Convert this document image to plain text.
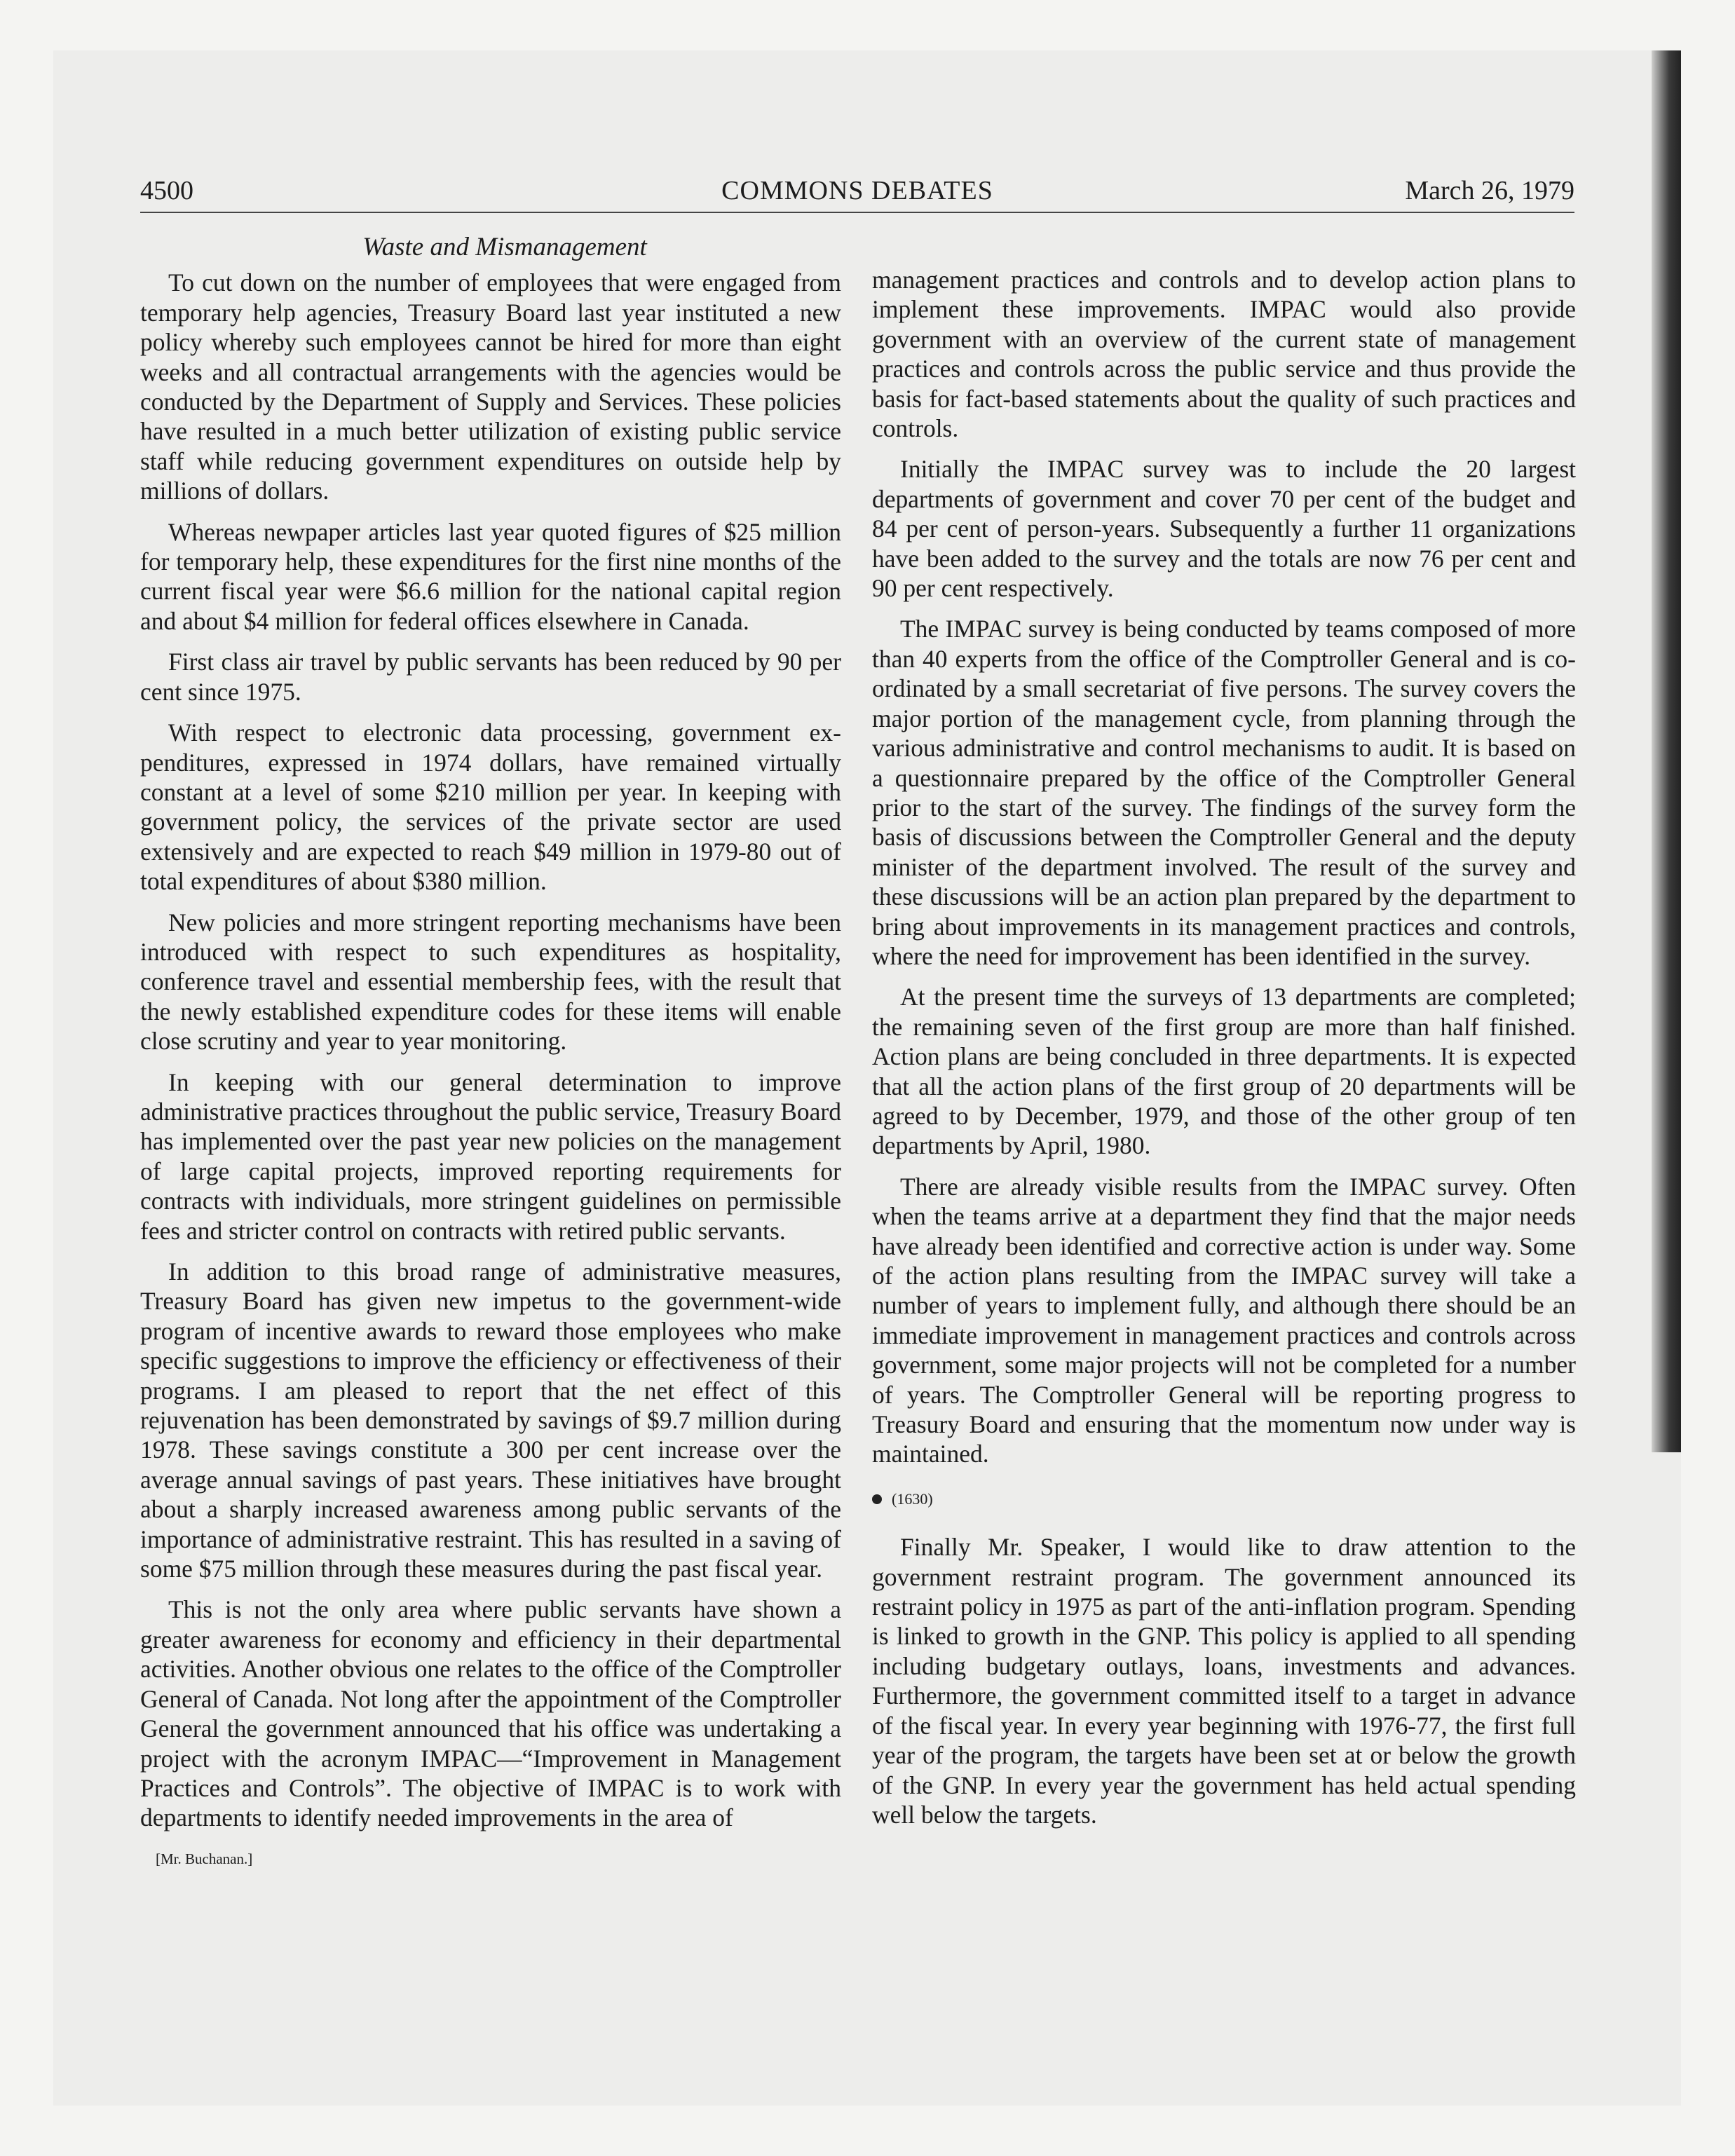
4500	COMMONS DEBATES	March 26, 1979
Waste and Mismanagement

To cut down on the number of employees that were engaged from temporary help agencies, Treasury Board last year instituted a new policy whereby such employees cannot be hired for more than eight weeks and all contractual arrangements with the agencies would be conducted by the Department of Supply and Services. These policies have resulted in a much better utilization of existing public service staff while reducing government expenditures on outside help by millions of dollars.

Whereas newpaper articles last year quoted figures of $25 million for temporary help, these expenditures for the first nine months of the current fiscal year were $6.6 million for the national capital region and about $4 million for federal offices elsewhere in Canada.

First class air travel by public servants has been reduced by 90 per cent since 1975.

With respect to electronic data processing, government expenditures, expressed in 1974 dollars, have remained virtually constant at a level of some $210 million per year. In keeping with government policy, the services of the private sector are used extensively and are expected to reach $49 million in 1979-80 out of total expenditures of about $380 million.

New policies and more stringent reporting mechanisms have been introduced with respect to such expenditures as hospitality, conference travel and essential membership fees, with the result that the newly established expenditure codes for these items will enable close scrutiny and year to year monitoring.

In keeping with our general determination to improve administrative practices throughout the public service, Treasury Board has implemented over the past year new policies on the management of large capital projects, improved reporting requirements for contracts with individuals, more stringent guidelines on permissible fees and stricter control on contracts with retired public servants.

In addition to this broad range of administrative measures, Treasury Board has given new impetus to the government-wide program of incentive awards to reward those employees who make specific suggestions to improve the efficiency or effectiveness of their programs. I am pleased to report that the net effect of this rejuvenation has been demonstrated by savings of $9.7 million during 1978. These savings constitute a 300 per cent increase over the average annual savings of past years. These initiatives have brought about a sharply increased awareness among public servants of the importance of administrative restraint. This has resulted in a saving of some $75 million through these measures during the past fiscal year.

This is not the only area where public servants have shown a greater awareness for economy and efficiency in their departmental activities. Another obvious one relates to the office of the Comptroller General of Canada. Not long after the appointment of the Comptroller General the government announced that his office was undertaking a project with the acronym IMPAC—“Improvement in Management Practices and Controls”. The objective of IMPAC is to work with departments to identify needed improvements in the area of

[Mr. Buchanan.]

management practices and controls and to develop action plans to implement these improvements. IMPAC would also provide government with an overview of the current state of management practices and controls across the public service and thus provide the basis for fact-based statements about the quality of such practices and controls.

Initially the IMPAC survey was to include the 20 largest departments of government and cover 70 per cent of the budget and 84 per cent of person-years. Subsequently a further 11 organizations have been added to the survey and the totals are now 76 per cent and 90 per cent respectively.

The IMPAC survey is being conducted by teams composed of more than 40 experts from the office of the Comptroller General and is co-ordinated by a small secretariat of five persons. The survey covers the major portion of the management cycle, from planning through the various administrative and control mechanisms to audit. It is based on a questionnaire prepared by the office of the Comptroller General prior to the start of the survey. The findings of the survey form the basis of discussions between the Comptroller General and the deputy minister of the department involved. The result of the survey and these discussions will be an action plan prepared by the department to bring about improvements in its management practices and controls, where the need for improvement has been identified in the survey.

At the present time the surveys of 13 departments are completed; the remaining seven of the first group are more than half finished. Action plans are being concluded in three departments. It is expected that all the action plans of the first group of 20 departments will be agreed to by December, 1979, and those of the other group of ten departments by April, 1980.

There are already visible results from the IMPAC survey. Often when the teams arrive at a department they find that the major needs have already been identified and corrective action is under way. Some of the action plans resulting from the IMPAC survey will take a number of years to implement fully, and although there should be an immediate improvement in management practices and controls across government, some major projects will not be completed for a number of years. The Comptroller General will be reporting progress to Treasury Board and ensuring that the momentum now under way is maintained.

(1630)

Finally Mr. Speaker, I would like to draw attention to the government restraint program. The government announced its restraint policy in 1975 as part of the anti-inflation program. Spending is linked to growth in the GNP. This policy is applied to all spending including budgetary outlays, loans, investments and advances. Furthermore, the government committed itself to a target in advance of the fiscal year. In every year beginning with 1976-77, the first full year of the program, the targets have been set at or below the growth of the GNP. In every year the government has held actual spending well below the targets.
